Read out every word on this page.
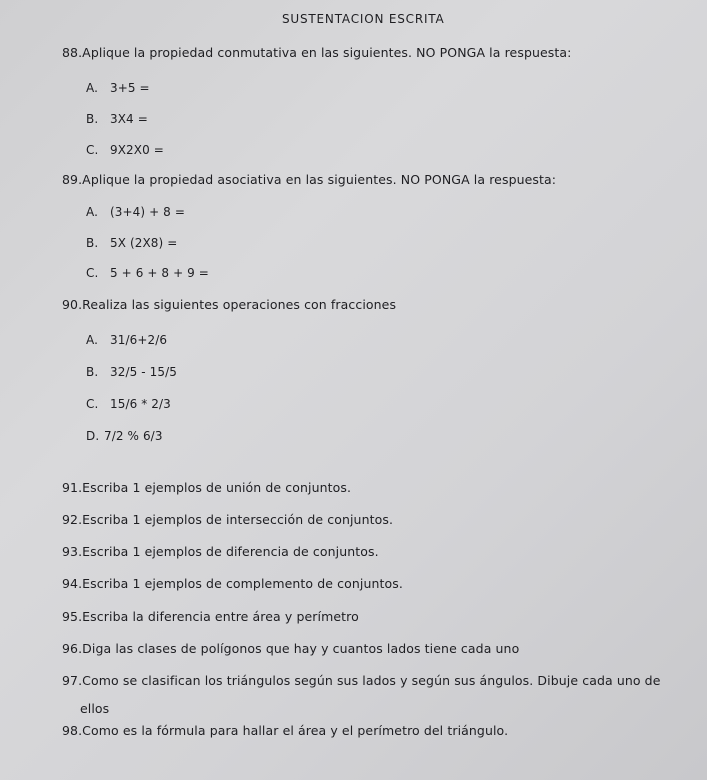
SUSTENTACION ESCRITA
88.Aplique la propiedad conmutativa en las siguientes. NO PONGA la respuesta:
A. 3+5 =
B. 3X4 =
C. 9X2X0 =
89.Aplique la propiedad asociativa en las siguientes. NO PONGA la respuesta:
A. (3+4) + 8 =
B. 5X (2X8) =
C. 5 + 6 + 8 + 9 =
90.Realiza las siguientes operaciones con fracciones
A. 31/6+2/6
B. 32/5 - 15/5
C. 15/6 * 2/3
D. 7/2 % 6/3
91.Escriba 1 ejemplos de unión de conjuntos.
92.Escriba 1 ejemplos de intersección de conjuntos.
93.Escriba 1 ejemplos de diferencia de conjuntos.
94.Escriba 1 ejemplos de complemento de conjuntos.
95.Escriba la diferencia entre área y perímetro
96.Diga las clases de polígonos que hay y cuantos lados tiene cada uno
97.Como se clasifican los triángulos según sus lados y según sus ángulos. Dibuje cada uno de
ellos
98.Como es la fórmula para hallar el área y el perímetro del triángulo.
